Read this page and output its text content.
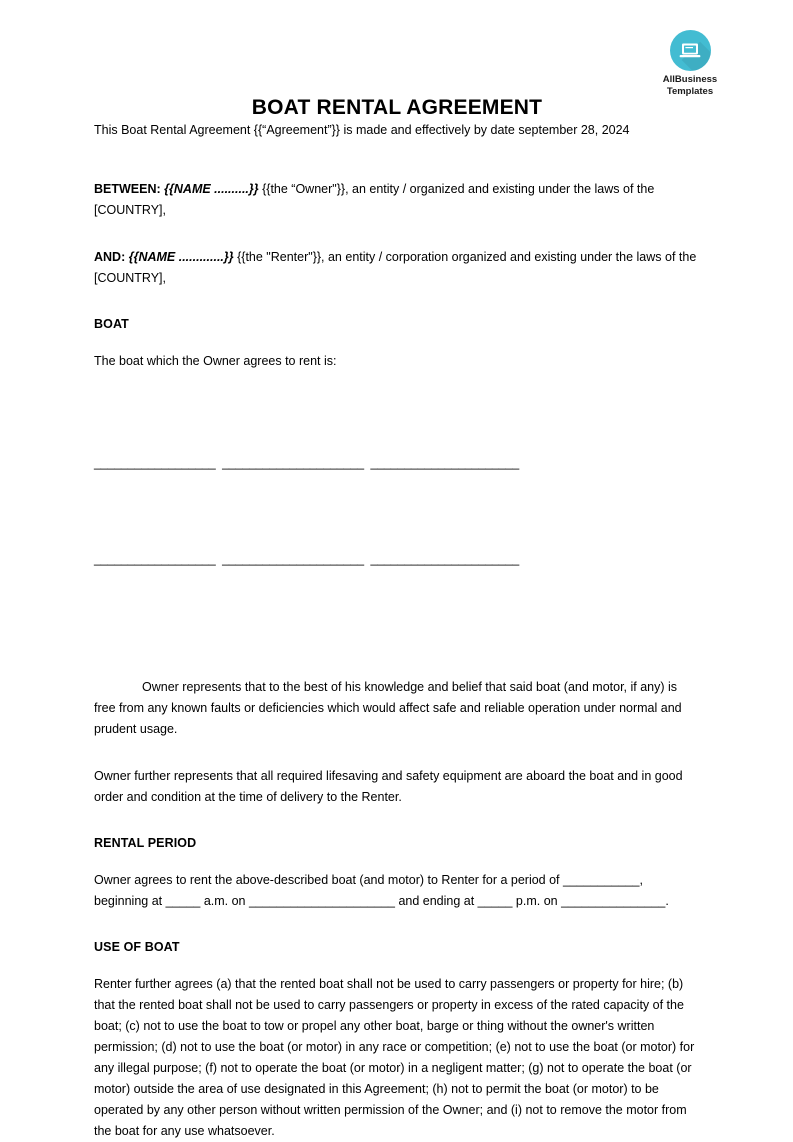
AllBusiness
Templates
BOAT RENTAL AGREEMENT

This Boat Rental Agreement {{“Agreement”}} is made and effectively by date september 28, 2024

BETWEEN: {{NAME ..........}} {{the “Owner"}}, an entity / organized and existing under the laws of the [COUNTRY],

AND: {{NAME .............}} {{the "Renter"}}, an entity / corporation organized and existing under the laws of the [COUNTRY],

BOAT

The boat which the Owner agrees to rent is:

__________________ _____________________ ______________________

__________________ _____________________ ______________________

Owner represents that to the best of his knowledge and belief that said boat (and motor, if any) is free from any known faults or deficiencies which would affect safe and reliable operation under normal and prudent usage.

Owner further represents that all required lifesaving and safety equipment are aboard the boat and in good order and condition at the time of delivery to the Renter.

RENTAL PERIOD

Owner agrees to rent the above-described boat (and motor) to Renter for a period of ___________, beginning at _____ a.m. on _____________________ and ending at _____ p.m. on _______________.

USE OF BOAT

Renter further agrees (a) that the rented boat shall not be used to carry passengers or property for hire; (b) that the rented boat shall not be used to carry passengers or property in excess of the rated capacity of the boat; (c) not to use the boat to tow or propel any other boat, barge or thing without the owner's written permission; (d) not to use the boat (or motor) in any race or competition; (e) not to use the boat (or motor) for any illegal purpose; (f) not to operate the boat (or motor) in a negligent matter; (g) not to operate the boat (or motor) outside the area of use designated in this Agreement; (h) not to permit the boat (or motor) to be operated by any other person without written permission of the Owner; and (i) not to remove the motor from the boat for any use whatsoever.
